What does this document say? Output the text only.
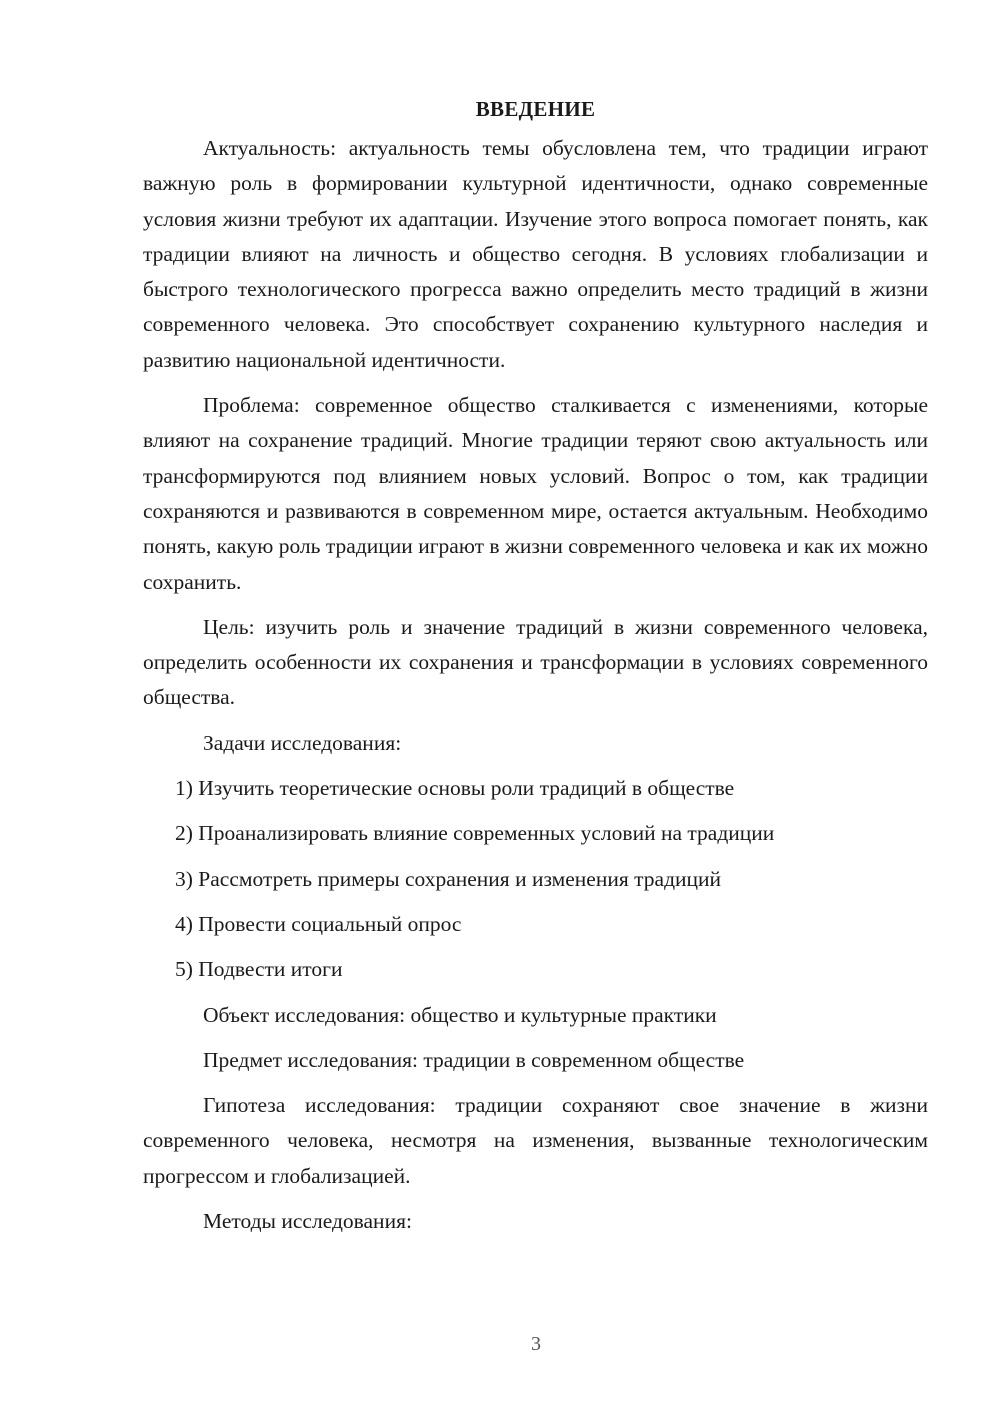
ВВЕДЕНИЕ

Актуальность: актуальность темы обусловлена тем, что традиции играют важную роль в формировании культурной идентичности, однако современные условия жизни требуют их адаптации. Изучение этого вопроса помогает понять, как традиции влияют на личность и общество сегодня. В условиях глобализации и быстрого технологического прогресса важно определить место традиций в жизни современного человека. Это способствует сохранению культурного наследия и развитию национальной идентичности.

Проблема: современное общество сталкивается с изменениями, которые влияют на сохранение традиций. Многие традиции теряют свою актуальность или трансформируются под влиянием новых условий. Вопрос о том, как традиции сохраняются и развиваются в современном мире, остается актуальным. Необходимо понять, какую роль традиции играют в жизни современного человека и как их можно сохранить.

Цель: изучить роль и значение традиций в жизни современного человека, определить особенности их сохранения и трансформации в условиях современного общества.

Задачи исследования:
1) Изучить теоретические основы роли традиций в обществе
2) Проанализировать влияние современных условий на традиции
3) Рассмотреть примеры сохранения и изменения традиций
4) Провести социальный опрос
5) Подвести итоги
Объект исследования: общество и культурные практики
Предмет исследования: традиции в современном обществе

Гипотеза исследования: традиции сохраняют свое значение в жизни современного человека, несмотря на изменения, вызванные технологическим прогрессом и глобализацией.

Методы исследования:
3
